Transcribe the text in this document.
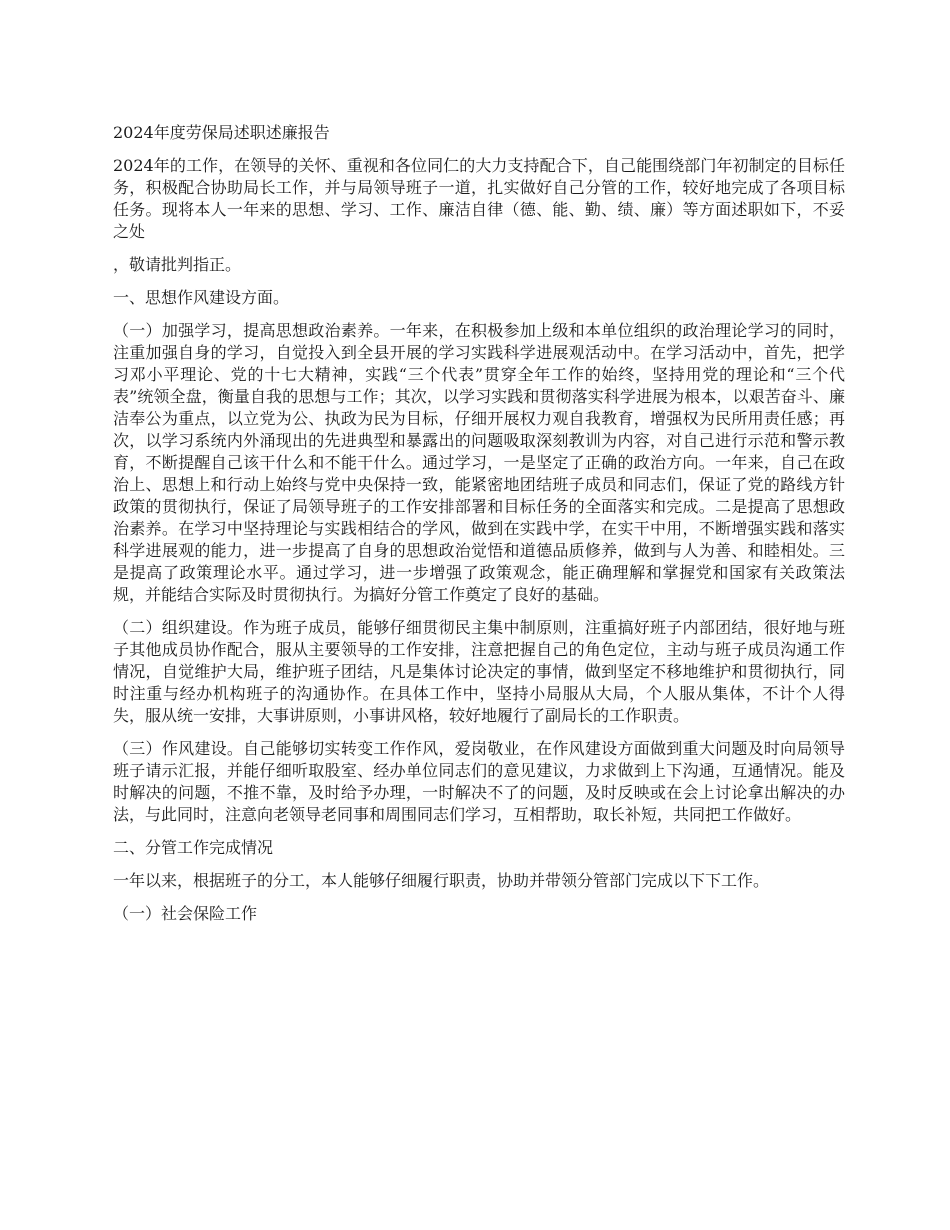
2024年度劳保局述职述廉报告

2024年的工作，在领导的关怀、重视和各位同仁的大力支持配合下，自己能围绕部门年初制定的目标任务，积极配合协助局长工作，并与局领导班子一道，扎实做好自己分管的工作，较好地完成了各项目标任务。现将本人一年来的思想、学习、工作、廉洁自律（德、能、勤、绩、廉）等方面述职如下，不妥之处

，敬请批判指正。

一、思想作风建设方面。

（一）加强学习，提高思想政治素养。一年来，在积极参加上级和本单位组织的政治理论学习的同时，注重加强自身的学习，自觉投入到全县开展的学习实践科学进展观活动中。在学习活动中，首先，把学习邓小平理论、党的十七大精神，实践“三个代表”贯穿全年工作的始终，坚持用党的理论和“三个代表”统领全盘，衡量自我的思想与工作；其次，以学习实践和贯彻落实科学进展为根本，以艰苦奋斗、廉洁奉公为重点，以立党为公、执政为民为目标，仔细开展权力观自我教育，增强权为民所用责任感；再次，以学习系统内外涌现出的先进典型和暴露出的问题吸取深刻教训为内容，对自己进行示范和警示教育，不断提醒自己该干什么和不能干什么。通过学习，一是坚定了正确的政治方向。一年来，自己在政治上、思想上和行动上始终与党中央保持一致，能紧密地团结班子成员和同志们，保证了党的路线方针政策的贯彻执行，保证了局领导班子的工作安排部署和目标任务的全面落实和完成。二是提高了思想政治素养。在学习中坚持理论与实践相结合的学风，做到在实践中学，在实干中用，不断增强实践和落实科学进展观的能力，进一步提高了自身的思想政治觉悟和道德品质修养，做到与人为善、和睦相处。三是提高了政策理论水平。通过学习，进一步增强了政策观念，能正确理解和掌握党和国家有关政策法规，并能结合实际及时贯彻执行。为搞好分管工作奠定了良好的基础。

（二）组织建设。作为班子成员，能够仔细贯彻民主集中制原则，注重搞好班子内部团结，很好地与班子其他成员协作配合，服从主要领导的工作安排，注意把握自己的角色定位，主动与班子成员沟通工作情况，自觉维护大局，维护班子团结，凡是集体讨论决定的事情，做到坚定不移地维护和贯彻执行，同时注重与经办机构班子的沟通协作。在具体工作中，坚持小局服从大局，个人服从集体，不计个人得失，服从统一安排，大事讲原则，小事讲风格，较好地履行了副局长的工作职责。

（三）作风建设。自己能够切实转变工作作风，爱岗敬业，在作风建设方面做到重大问题及时向局领导班子请示汇报，并能仔细听取股室、经办单位同志们的意见建议，力求做到上下沟通，互通情况。能及时解决的问题，不推不靠，及时给予办理，一时解决不了的问题，及时反映或在会上讨论拿出解决的办法，与此同时，注意向老领导老同事和周围同志们学习，互相帮助，取长补短，共同把工作做好。

二、分管工作完成情况

一年以来，根据班子的分工，本人能够仔细履行职责，协助并带领分管部门完成以下下工作。

（一）社会保险工作
